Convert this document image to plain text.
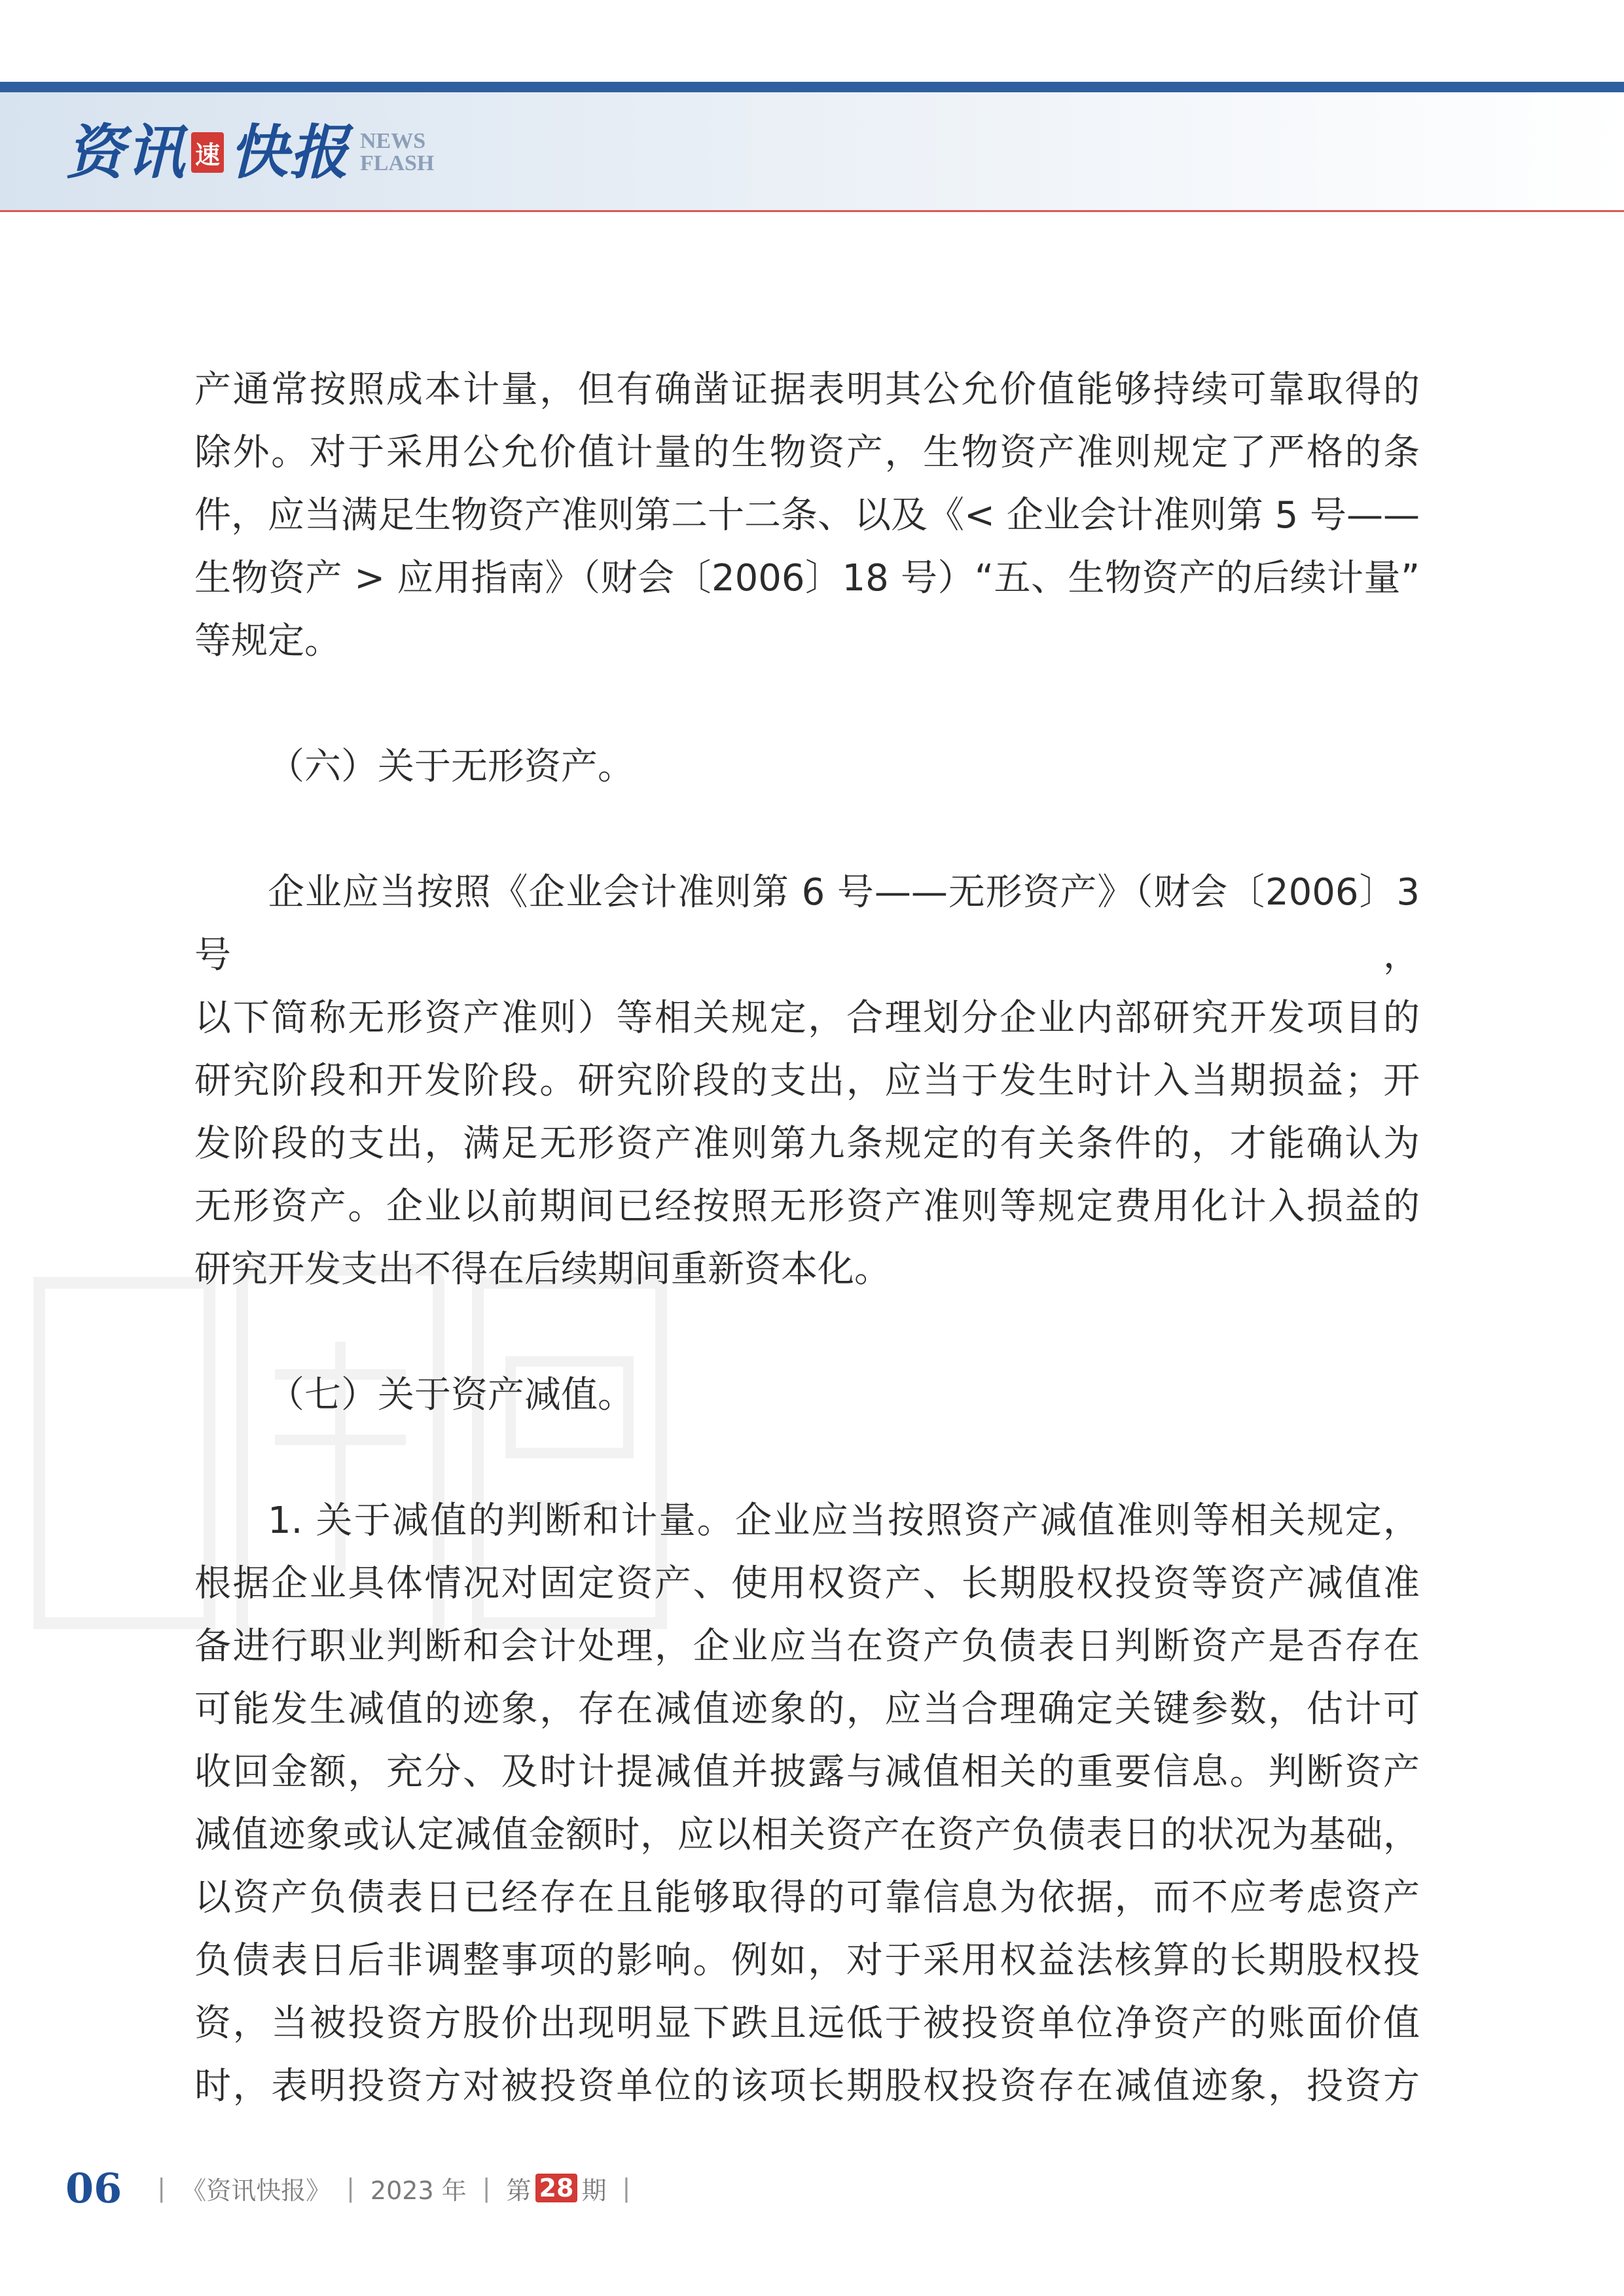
资讯 速 快报 NEWS
FLASH

产通常按照成本计量，但有确凿证据表明其公允价值能够持续可靠取得的

除外。对于采用公允价值计量的生物资产，生物资产准则规定了严格的条

件，应当满足生物资产准则第二十二条、以及《< 企业会计准则第 5 号——

生物资产 > 应用指南》（财会〔2006〕18 号）“五、生物资产的后续计量”

等规定。

（六）关于无形资产。

企业应当按照《企业会计准则第 6 号——无形资产》（财会〔2006〕3 号，

以下简称无形资产准则）等相关规定，合理划分企业内部研究开发项目的

研究阶段和开发阶段。研究阶段的支出，应当于发生时计入当期损益；开

发阶段的支出，满足无形资产准则第九条规定的有关条件的，才能确认为

无形资产。企业以前期间已经按照无形资产准则等规定费用化计入损益的

研究开发支出不得在后续期间重新资本化。

（七）关于资产减值。

1. 关于减值的判断和计量。企业应当按照资产减值准则等相关规定，

根据企业具体情况对固定资产、使用权资产、长期股权投资等资产减值准

备进行职业判断和会计处理，企业应当在资产负债表日判断资产是否存在

可能发生减值的迹象，存在减值迹象的，应当合理确定关键参数，估计可

收回金额，充分、及时计提减值并披露与减值相关的重要信息。判断资产

减值迹象或认定减值金额时，应以相关资产在资产负债表日的状况为基础，

以资产负债表日已经存在且能够取得的可靠信息为依据，而不应考虑资产

负债表日后非调整事项的影响。例如，对于采用权益法核算的长期股权投

资，当被投资方股价出现明显下跌且远低于被投资单位净资产的账面价值

时，表明投资方对被投资单位的该项长期股权投资存在减值迹象，投资方

06 | 《资讯快报》 | 2023 年 | 第 28 期 |
